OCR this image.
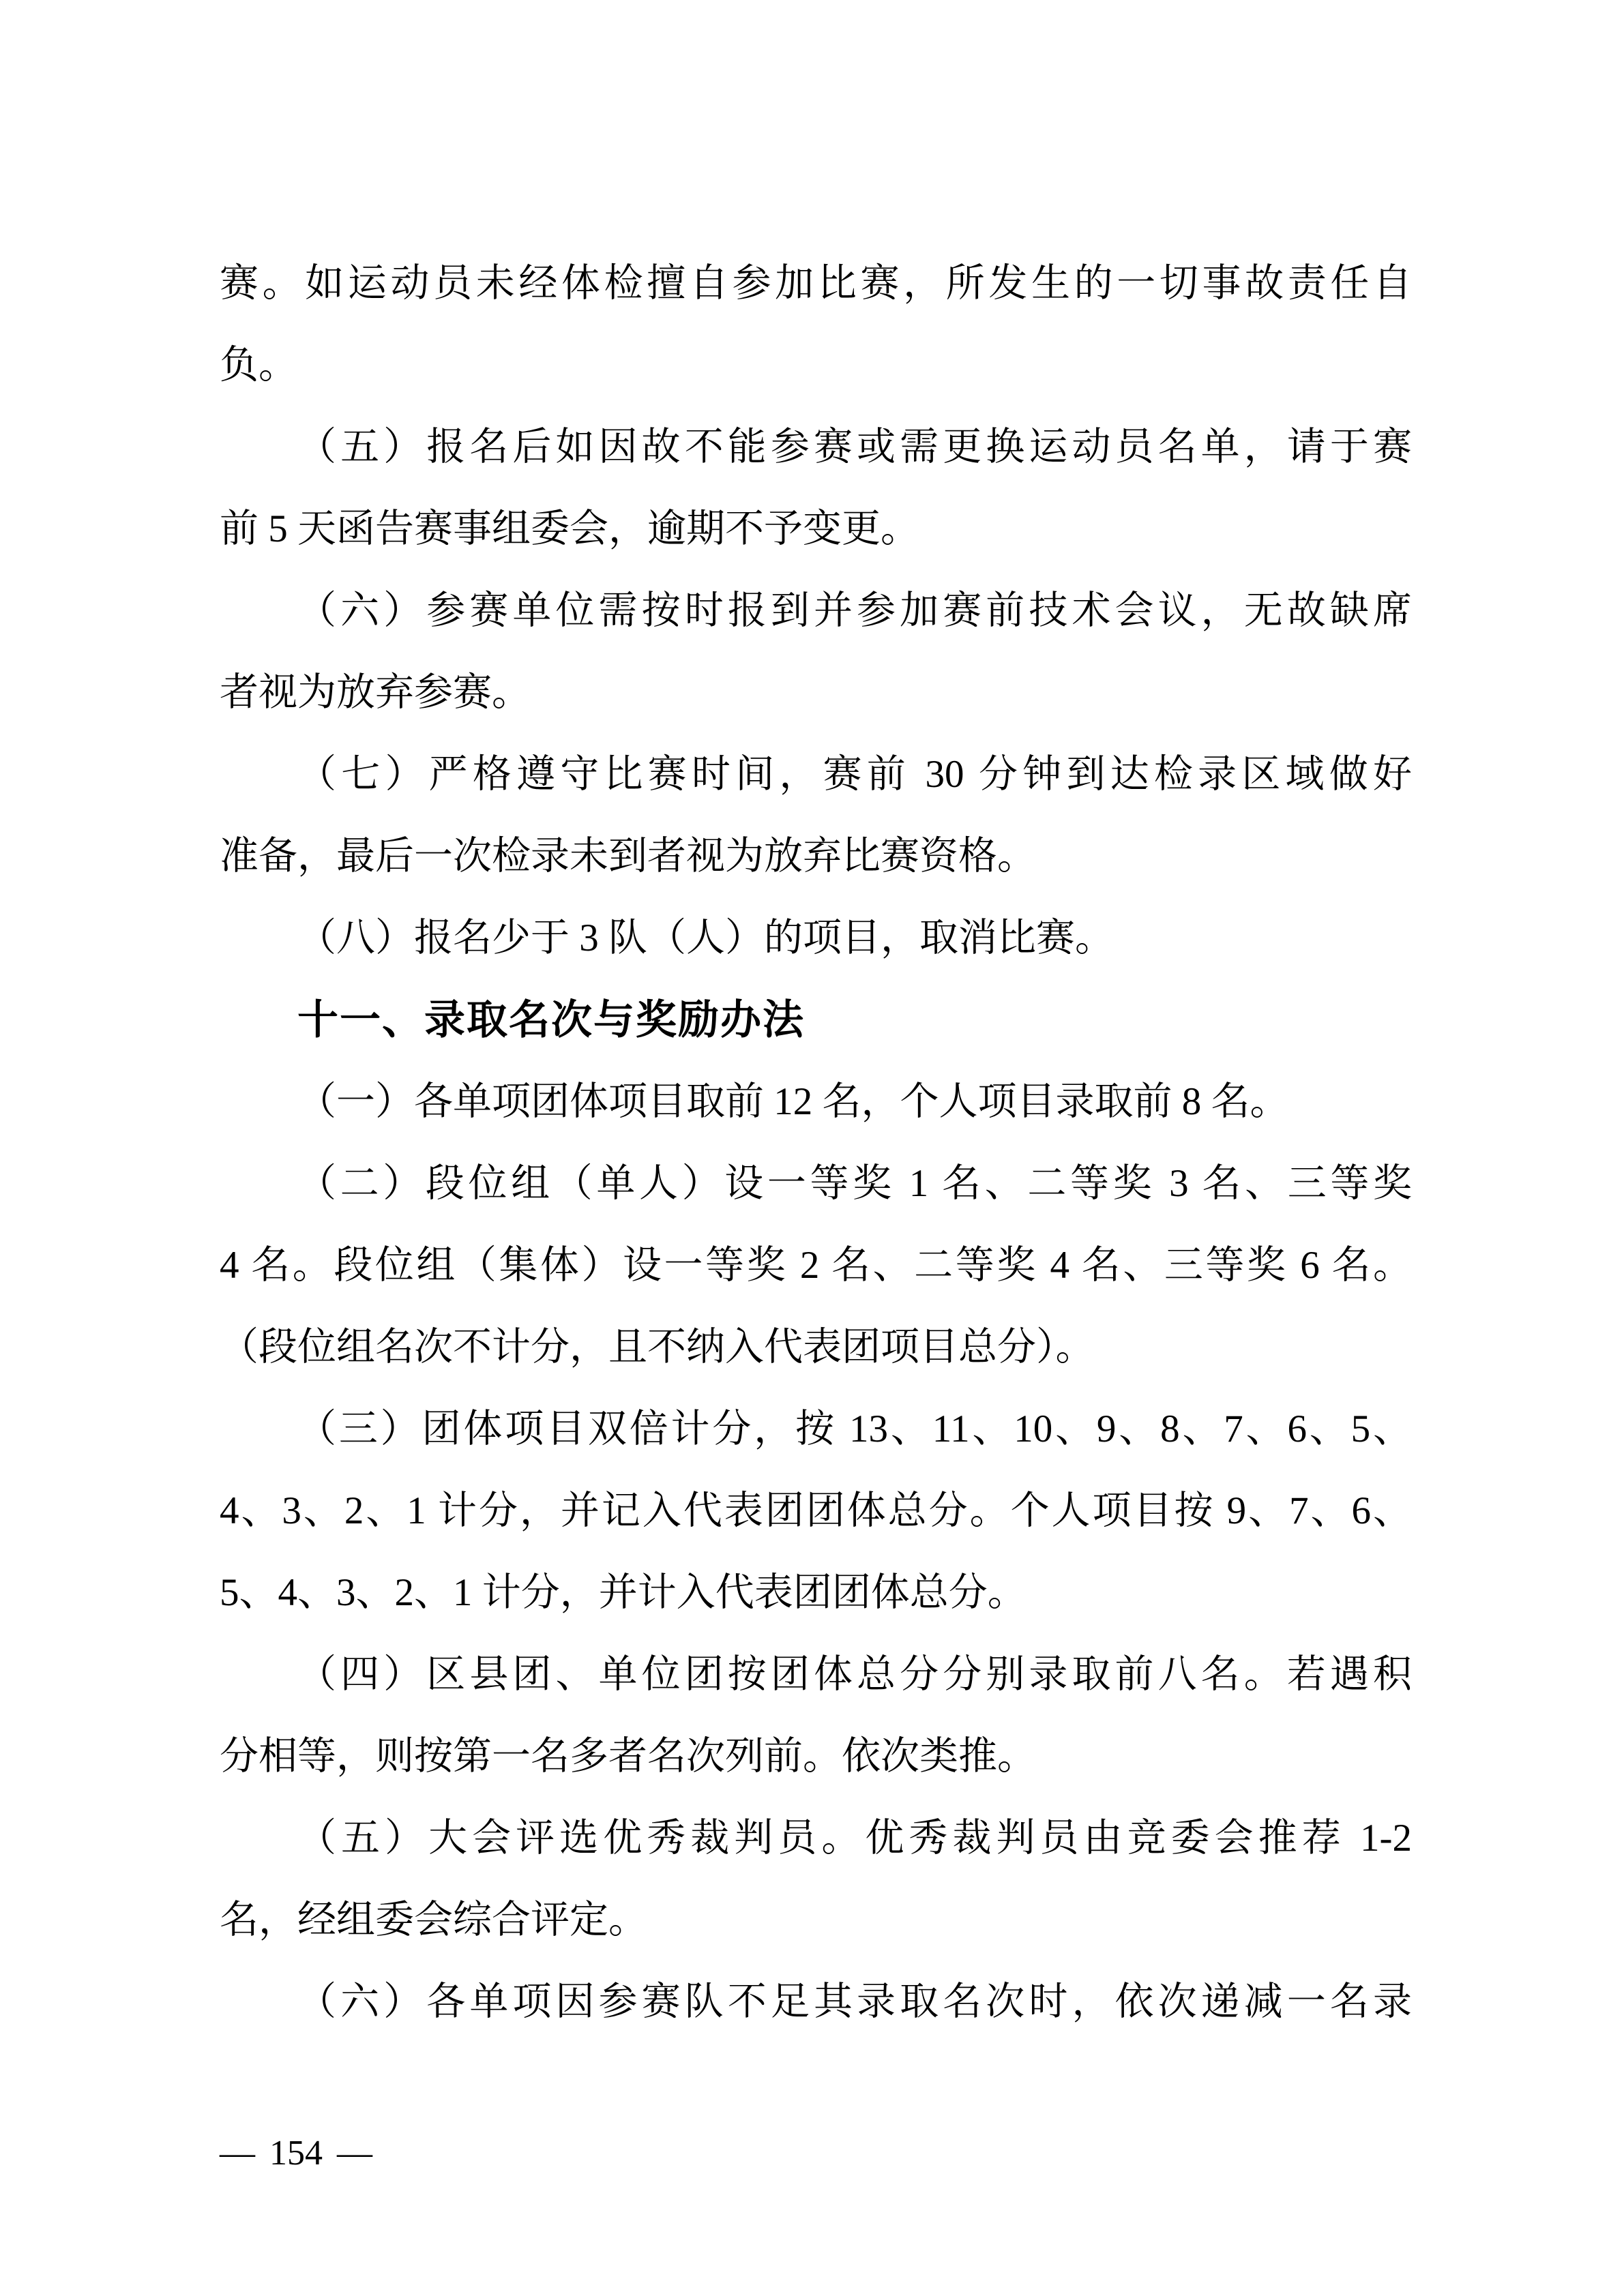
赛。如运动员未经体检擅自参加比赛，所发生的一切事故责任自
负。
（五）报名后如因故不能参赛或需更换运动员名单，请于赛
前 5 天函告赛事组委会，逾期不予变更。
（六）参赛单位需按时报到并参加赛前技术会议，无故缺席
者视为放弃参赛。
（七）严格遵守比赛时间，赛前 30 分钟到达检录区域做好
准备，最后一次检录未到者视为放弃比赛资格。
（八）报名少于 3 队（人）的项目，取消比赛。
十一、录取名次与奖励办法
（一）各单项团体项目取前 12 名，个人项目录取前 8 名。
（二）段位组（单人）设一等奖 1 名、二等奖 3 名、三等奖
4 名。段位组（集体）设一等奖 2 名、二等奖 4 名、三等奖 6 名。
（段位组名次不计分，且不纳入代表团项目总分）。
（三）团体项目双倍计分，按 13、11、10、9、8、7、6、5、
4、3、2、1 计分，并记入代表团团体总分。个人项目按 9、7、6、
5、4、3、2、1 计分，并计入代表团团体总分。
（四）区县团、单位团按团体总分分别录取前八名。若遇积
分相等，则按第一名多者名次列前。依次类推。
（五）大会评选优秀裁判员。优秀裁判员由竞委会推荐 1-2
名，经组委会综合评定。
（六）各单项因参赛队不足其录取名次时，依次递减一名录
— 154 —
